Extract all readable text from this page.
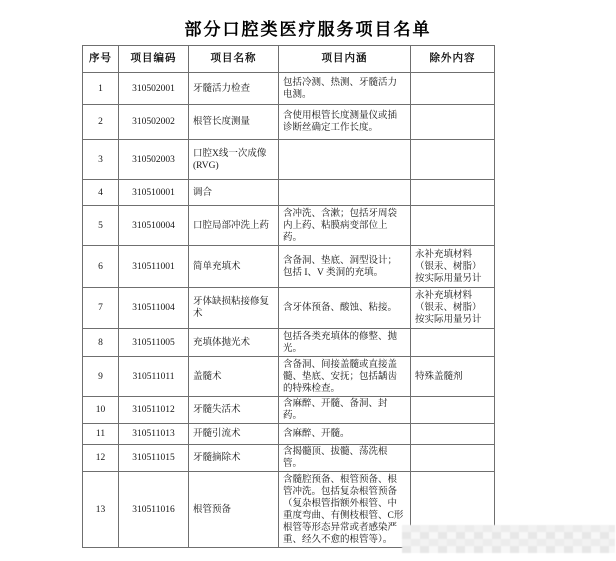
部分口腔类医疗服务项目名单
序号	项目编码	项目名称	项目内涵	除外内容
1	310502001	牙髓活力检查	包括冷测、热测、牙髓活力电测。	
2	310502002	根管长度测量	含使用根管长度测量仪或插诊断丝确定工作长度。	
3	310502003	口腔X线一次成像(RVG)		
4	310510001	调合		
5	310510004	口腔局部冲洗上药	含冲洗、含漱；包括牙周袋内上药、粘膜病变部位上药。	
6	310511001	简单充填术	含备洞、垫底、洞型设计；包括 I、V 类洞的充填。	永补充填材料（银汞、树脂）按实际用量另计
7	310511004	牙体缺损粘接修复术	含牙体预备、酸蚀、粘接。	永补充填材料（银汞、树脂）按实际用量另计
8	310511005	充填体抛光术	包括各类充填体的修整、抛光。	
9	310511011	盖髓术	含备洞、间接盖髓或直接盖髓、垫底、安抚；包括龋齿的特殊检查。	特殊盖髓剂
10	310511012	牙髓失活术	含麻醉、开髓、备洞、封药。	
11	310511013	开髓引流术	含麻醉、开髓。	
12	310511015	牙髓摘除术	含揭髓顶、拔髓、荡洗根管。	
13	310511016	根管预备	含髓腔预备、根管预备、根管冲洗。包括复杂根管预备（复杂根管指额外根管、中重度弯曲、有侧枝根管、C形根管等形态异常或者感染严重、经久不愈的根管等）。	
